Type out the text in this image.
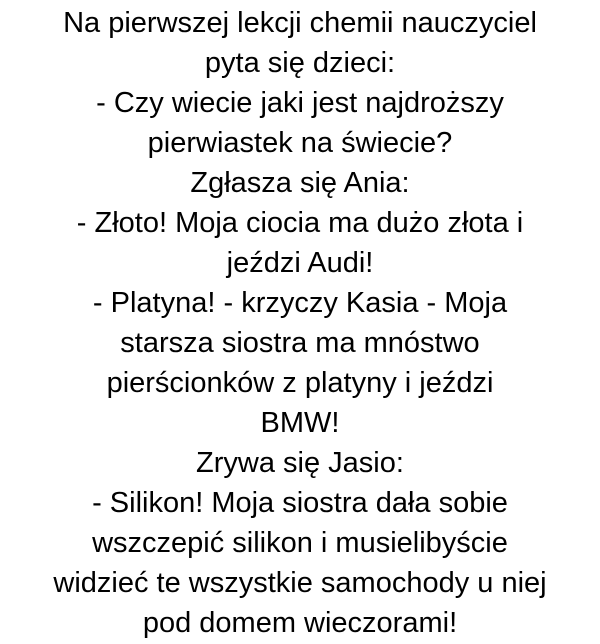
Na pierwszej lekcji chemii nauczyciel
pyta się dzieci:
- Czy wiecie jaki jest najdroższy
pierwiastek na świecie?
Zgłasza się Ania:
- Złoto! Moja ciocia ma dużo złota i
jeździ Audi!
- Platyna! - krzyczy Kasia - Moja
starsza siostra ma mnóstwo
pierścionków z platyny i jeździ
BMW!
Zrywa się Jasio:
- Silikon! Moja siostra dała sobie
wszczepić silikon i musielibyście
widzieć te wszystkie samochody u niej
pod domem wieczorami!
